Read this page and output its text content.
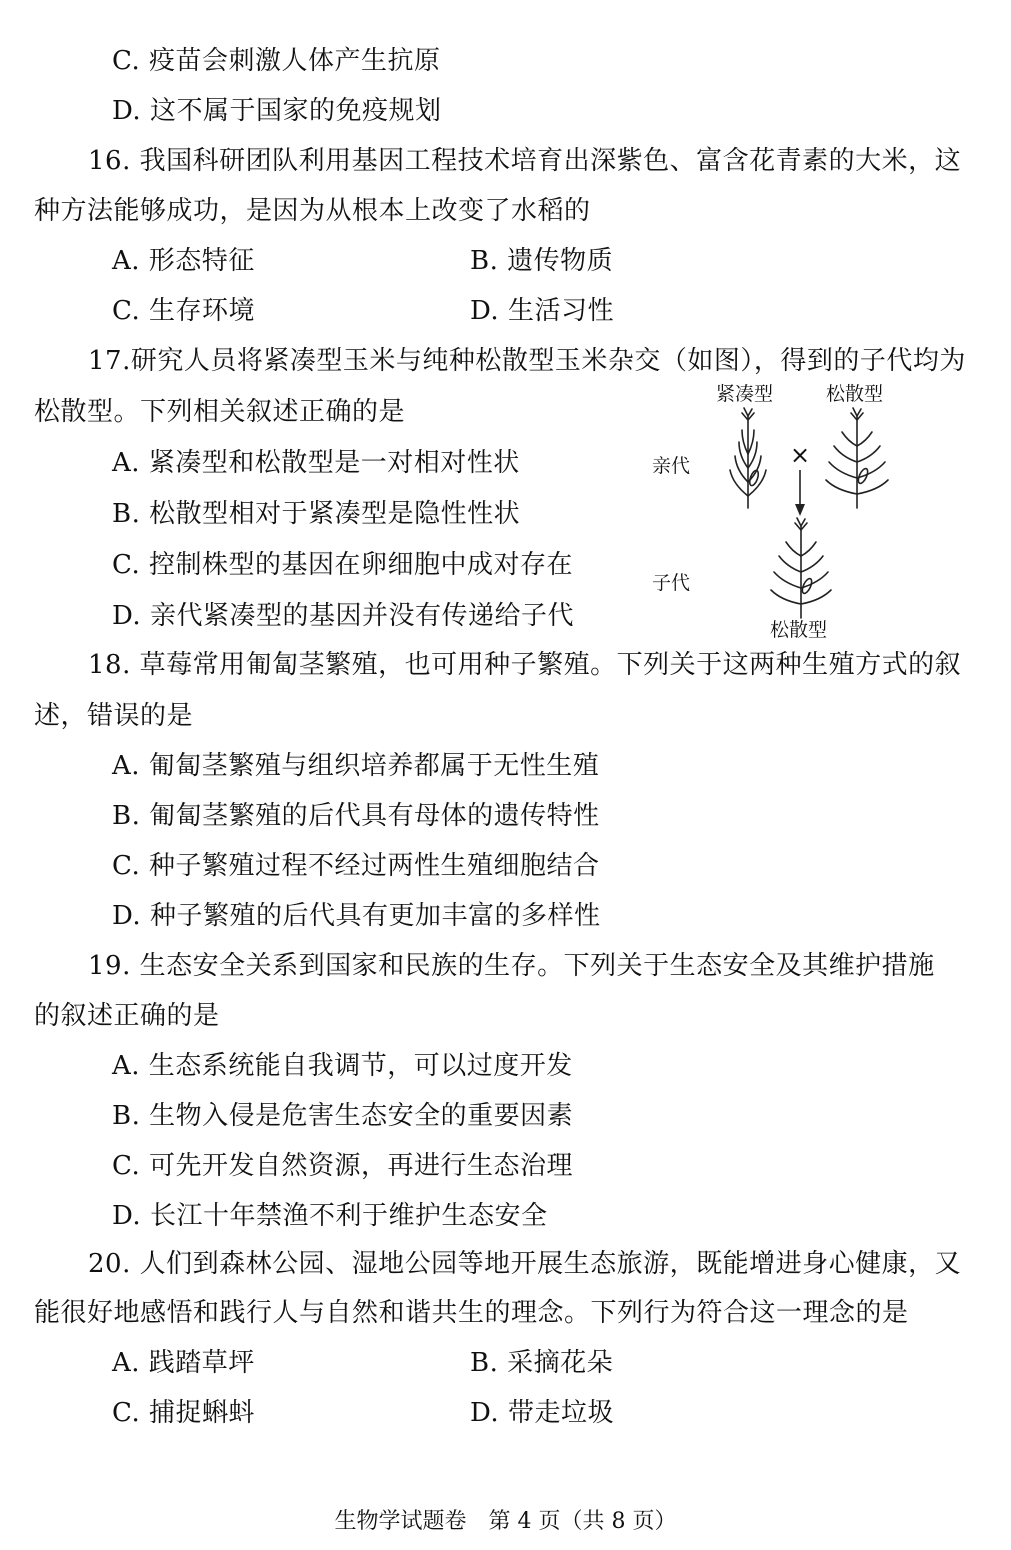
C. 疫苗会刺激人体产生抗原
D. 这不属于国家的免疫规划
16. 我国科研团队利用基因工程技术培育出深紫色、富含花青素的大米，这
种方法能够成功，是因为从根本上改变了水稻的
A. 形态特征	B. 遗传物质
C. 生存环境	D. 生活习性
17.研究人员将紧凑型玉米与纯种松散型玉米杂交（如图），得到的子代均为
松散型。下列相关叙述正确的是
A. 紧凑型和松散型是一对相对性状
B. 松散型相对于紧凑型是隐性性状
C. 控制株型的基因在卵细胞中成对存在
D. 亲代紧凑型的基因并没有传递给子代
紧凑型	松散型
亲代	×
子代
松散型
18. 草莓常用匍匐茎繁殖，也可用种子繁殖。下列关于这两种生殖方式的叙
述，错误的是
A. 匍匐茎繁殖与组织培养都属于无性生殖
B. 匍匐茎繁殖的后代具有母体的遗传特性
C. 种子繁殖过程不经过两性生殖细胞结合
D. 种子繁殖的后代具有更加丰富的多样性
19. 生态安全关系到国家和民族的生存。下列关于生态安全及其维护措施
的叙述正确的是
A. 生态系统能自我调节，可以过度开发
B. 生物入侵是危害生态安全的重要因素
C. 可先开发自然资源，再进行生态治理
D. 长江十年禁渔不利于维护生态安全
20. 人们到森林公园、湿地公园等地开展生态旅游，既能增进身心健康，又
能很好地感悟和践行人与自然和谐共生的理念。下列行为符合这一理念的是
A. 践踏草坪	B. 采摘花朵
C. 捕捉蝌蚪	D. 带走垃圾
生物学试题卷　第 4 页（共 8 页）
